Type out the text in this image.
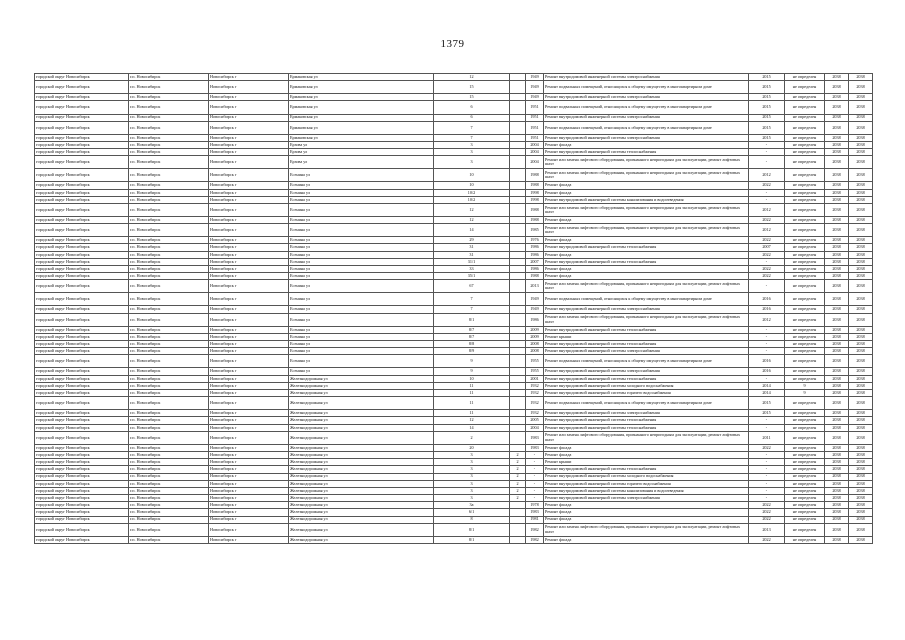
1379
городской округ Новосибирск	г.п. Новосибирск	Новосибирск г	Ермаковская ул	12		1949	Ремонт внутридомовой инженерной системы электроснабжения	2015	не определен	2038	2038
городской округ Новосибирск	г.п. Новосибирск	Новосибирск г	Ермаковская ул	15		1949	Ремонт подвальных помещений, относящихся к общему имуществу в многоквартирном доме	2015	не определен	2038	2038
городской округ Новосибирск	г.п. Новосибирск	Новосибирск г	Ермаковская ул	15		1949	Ремонт внутридомовой инженерной системы электроснабжения	2015	не определен	2038	2038
городской округ Новосибирск	г.п. Новосибирск	Новосибирск г	Ермаковская ул	6		1951	Ремонт подвальных помещений, относящихся к общему имуществу в многоквартирном доме	2015	не определен	2038	2038
городской округ Новосибирск	г.п. Новосибирск	Новосибирск г	Ермаковская ул	6		1951	Ремонт внутридомовой инженерной системы электроснабжения	2015	не определен	2038	2038
городской округ Новосибирск	г.п. Новосибирск	Новосибирск г	Ермаковская ул	7		1951	Ремонт подвальных помещений, относящихся к общему имуществу в многоквартирном доме	2015	не определен	2038	2038
городской округ Новосибирск	г.п. Новосибирск	Новосибирск г	Ермаковская ул	7		1951	Ремонт внутридомовой инженерной системы электроснабжения	2015	не определен	2038	2038
городской округ Новосибирск	г.п. Новосибирск	Новосибирск г	Ерзова ул	3		2004	Ремонт фасада	-	не определен	2038	2038
городской округ Новосибирск	г.п. Новосибирск	Новосибирск г	Ерзова ул	3		2004	Ремонт внутридомовой инженерной системы теплоснабжения	-	не определен	2038	2038
городской округ Новосибирск	г.п. Новосибирск	Новосибирск г	Ерзова ул	3		2004	Ремонт или замена лифтового оборудования, признанного непригодным для эксплуатации, ремонт лифтовых шахт	-	не определен	2038	2038
городской округ Новосибирск	г.п. Новосибирск	Новосибирск г	Есенина ул	10		1988	Ремонт или замена лифтового оборудования, признанного непригодным для эксплуатации, ремонт лифтовых шахт	2012	не определен	2038	2038
городской округ Новосибирск	г.п. Новосибирск	Новосибирск г	Есенина ул	10		1988	Ремонт фасада	2022	не определен	2038	2038
городской округ Новосибирск	г.п. Новосибирск	Новосибирск г	Есенина ул	10/2		1998	Ремонт фасада	-	не определен	2038	2038
городской округ Новосибирск	г.п. Новосибирск	Новосибирск г	Есенина ул	10/2		1998	Ремонт внутридомовой инженерной системы канализования и водоотведения	-	не определен	2038	2038
городской округ Новосибирск	г.п. Новосибирск	Новосибирск г	Есенина ул	12		1988	Ремонт или замена лифтового оборудования, признанного непригодным для эксплуатации, ремонт лифтовых шахт	2012	не определен	2038	2038
городской округ Новосибирск	г.п. Новосибирск	Новосибирск г	Есенина ул	12		1988	Ремонт фасада	2022	не определен	2038	2038
городской округ Новосибирск	г.п. Новосибирск	Новосибирск г	Есенина ул	14		1985	Ремонт или замена лифтового оборудования, признанного непригодным для эксплуатации, ремонт лифтовых шахт	2012	не определен	2038	2038
городской округ Новосибирск	г.п. Новосибирск	Новосибирск г	Есенина ул	29		1976	Ремонт фасада	2022	не определен	2038	2038
городской округ Новосибирск	г.п. Новосибирск	Новосибирск г	Есенина ул	31		1986	Ремонт внутридомовой инженерной системы теплоснабжения	2007	не определен	2038	2038
городской округ Новосибирск	г.п. Новосибирск	Новосибирск г	Есенина ул	31		1986	Ремонт фасада	2022	не определен	2038	2038
городской округ Новосибирск	г.п. Новосибирск	Новосибирск г	Есенина ул	31/1		2007	Ремонт внутридомовой инженерной системы теплоснабжения	-	не определен	2038	2038
городской округ Новосибирск	г.п. Новосибирск	Новосибирск г	Есенина ул	33		1986	Ремонт фасада	2022	не определен	2038	2038
городской округ Новосибирск	г.п. Новосибирск	Новосибирск г	Есенина ул	35/1		1988	Ремонт фасада	2022	не определен	2038	2038
городской округ Новосибирск	г.п. Новосибирск	Новосибирск г	Есенина ул	67		2013	Ремонт или замена лифтового оборудования, признанного непригодным для эксплуатации, ремонт лифтовых шахт	-	не определен	2038	2038
городской округ Новосибирск	г.п. Новосибирск	Новосибирск г	Есенина ул	7		1949	Ремонт подвальных помещений, относящихся к общему имуществу в многоквартирном доме	2016	не определен	2038	2038
городской округ Новосибирск	г.п. Новосибирск	Новосибирск г	Есенина ул	7		1949	Ремонт внутридомовой инженерной системы электроснабжения	2016	не определен	2038	2038
городской округ Новосибирск	г.п. Новосибирск	Новосибирск г	Есенина ул	8/1		1986	Ремонт или замена лифтового оборудования, признанного непригодным для эксплуатации, ремонт лифтовых шахт	2012	не определен	2038	2038
городской округ Новосибирск	г.п. Новосибирск	Новосибирск г	Есенина ул	8/7		2009	Ремонт внутридомовой инженерной системы теплоснабжения	-	не определен	2038	2038
городской округ Новосибирск	г.п. Новосибирск	Новосибирск г	Есенина ул	8/7		2009	Ремонт крыши	-	не определен	2038	2038
городской округ Новосибирск	г.п. Новосибирск	Новосибирск г	Есенина ул	8/8		2008	Ремонт внутридомовой инженерной системы теплоснабжения	-	не определен	2038	2038
городской округ Новосибирск	г.п. Новосибирск	Новосибирск г	Есенина ул	8/9		2008	Ремонт внутридомовой инженерной системы электроснабжения	-	не определен	2038	2038
городской округ Новосибирск	г.п. Новосибирск	Новосибирск г	Есенина ул	9		1955	Ремонт подвальных помещений, относящихся к общему имуществу в многоквартирном доме	2016	не определен	2038	2038
городской округ Новосибирск	г.п. Новосибирск	Новосибирск г	Есенина ул	9		1955	Ремонт внутридомовой инженерной системы электроснабжения	2016	не определен	2038	2038
городской округ Новосибирск	г.п. Новосибирск	Новосибирск г	Железнодорожная ул	10		2001	Ремонт внутридомовой инженерной системы теплоснабжения	-	не определен	2038	2038
городской округ Новосибирск	г.п. Новосибирск	Новосибирск г	Железнодорожная ул	11		1932	Ремонт внутридомовой инженерной системы холодного водоснабжения	2014	9	2038	2038
городской округ Новосибирск	г.п. Новосибирск	Новосибирск г	Железнодорожная ул	11		1932	Ремонт внутридомовой инженерной системы горячего водоснабжения	2014	9	2038	2038
городской округ Новосибирск	г.п. Новосибирск	Новосибирск г	Железнодорожная ул	11		1932	Ремонт подвальных помещений, относящихся к общему имуществу в многоквартирном доме	2015	не определен	2038	2038
городской округ Новосибирск	г.п. Новосибирск	Новосибирск г	Железнодорожная ул	11		1932	Ремонт внутридомовой инженерной системы электроснабжения	2015	не определен	2038	2038
городской округ Новосибирск	г.п. Новосибирск	Новосибирск г	Железнодорожная ул	12		2005	Ремонт внутридомовой инженерной системы теплоснабжения	-	не определен	2038	2038
городской округ Новосибирск	г.п. Новосибирск	Новосибирск г	Железнодорожная ул	14		2004	Ремонт внутридомовой инженерной системы теплоснабжения	-	не определен	2038	2038
городской округ Новосибирск	г.п. Новосибирск	Новосибирск г	Железнодорожная ул	2		1983	Ремонт или замена лифтового оборудования, признанного непригодным для эксплуатации, ремонт лифтовых шахт	2011	не определен	2038	2038
городской округ Новосибирск	г.п. Новосибирск	Новосибирск г	Железнодорожная ул	20		1983	Ремонт фасада	2022	не определен	2038	2038
городской округ Новосибирск	г.п. Новосибирск	Новосибирск г	Железнодорожная ул	3	2	-	Ремонт фасада	-	не определен	2038	2038
городской округ Новосибирск	г.п. Новосибирск	Новосибирск г	Железнодорожная ул	3	2	-	Ремонт крыши	-	не определен	2038	2038
городской округ Новосибирск	г.п. Новосибирск	Новосибирск г	Железнодорожная ул	3	2	-	Ремонт внутридомовой инженерной системы теплоснабжения	-	не определен	2038	2038
городской округ Новосибирск	г.п. Новосибирск	Новосибирск г	Железнодорожная ул	3	2	-	Ремонт внутридомовой инженерной системы холодного водоснабжения	-	не определен	2038	2038
городской округ Новосибирск	г.п. Новосибирск	Новосибирск г	Железнодорожная ул	3	2	-	Ремонт внутридомовой инженерной системы горячего водоснабжения	-	не определен	2038	2038
городской округ Новосибирск	г.п. Новосибирск	Новосибирск г	Железнодорожная ул	3	2	-	Ремонт внутридомовой инженерной системы канализования и водоотведения	-	не определен	2038	2038
городской округ Новосибирск	г.п. Новосибирск	Новосибирск г	Железнодорожная ул	3	2	-	Ремонт внутридомовой инженерной системы электроснабжения	-	не определен	2038	2038
городской округ Новосибирск	г.п. Новосибирск	Новосибирск г	Железнодорожная ул	3а		1978	Ремонт фасада	2022	не определен	2038	2038
городской округ Новосибирск	г.п. Новосибирск	Новосибирск г	Железнодорожная ул	6/1		1983	Ремонт фасада	2022	не определен	2038	2038
городской округ Новосибирск	г.п. Новосибирск	Новосибирск г	Железнодорожная ул	8		1981	Ремонт фасада	2022	не определен	2038	2038
городской округ Новосибирск	г.п. Новосибирск	Новосибирск г	Железнодорожная ул	8/1		1982	Ремонт или замена лифтового оборудования, признанного непригодным для эксплуатации, ремонт лифтовых шахт	2013	не определен	2038	2038
городской округ Новосибирск	г.п. Новосибирск	Новосибирск г	Железнодорожная ул	8/1		1982	Ремонт фасада	2022	не определен	2038	2038
